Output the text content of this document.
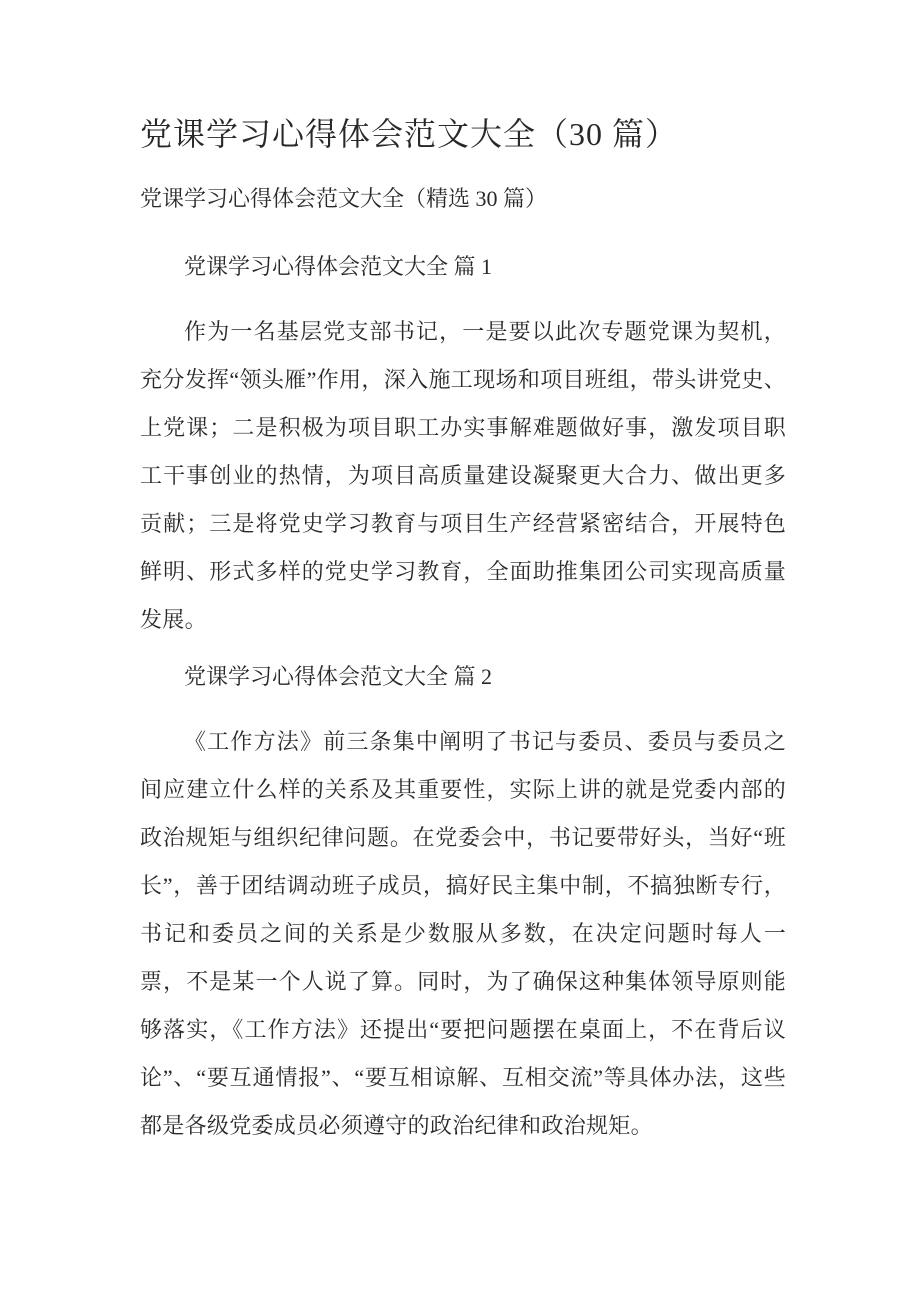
党课学习心得体会范文大全（30 篇）

党课学习心得体会范文大全（精选 30 篇）

党课学习心得体会范文大全 篇 1

作为一名基层党支部书记，一是要以此次专题党课为契机，充分发挥“领头雁”作用，深入施工现场和项目班组，带头讲党史、上党课；二是积极为项目职工办实事解难题做好事，激发项目职工干事创业的热情，为项目高质量建设凝聚更大合力、做出更多贡献；三是将党史学习教育与项目生产经营紧密结合，开展特色鲜明、形式多样的党史学习教育，全面助推集团公司实现高质量发展。

党课学习心得体会范文大全 篇 2

《工作方法》前三条集中阐明了书记与委员、委员与委员之间应建立什么样的关系及其重要性，实际上讲的就是党委内部的政治规矩与组织纪律问题。在党委会中，书记要带好头，当好“班长”，善于团结调动班子成员，搞好民主集中制，不搞独断专行，书记和委员之间的关系是少数服从多数，在决定问题时每人一票，不是某一个人说了算。同时，为了确保这种集体领导原则能够落实，《工作方法》还提出“要把问题摆在桌面上，不在背后议论”、“要互通情报”、“要互相谅解、互相交流”等具体办法，这些都是各级党委成员必须遵守的政治纪律和政治规矩。
